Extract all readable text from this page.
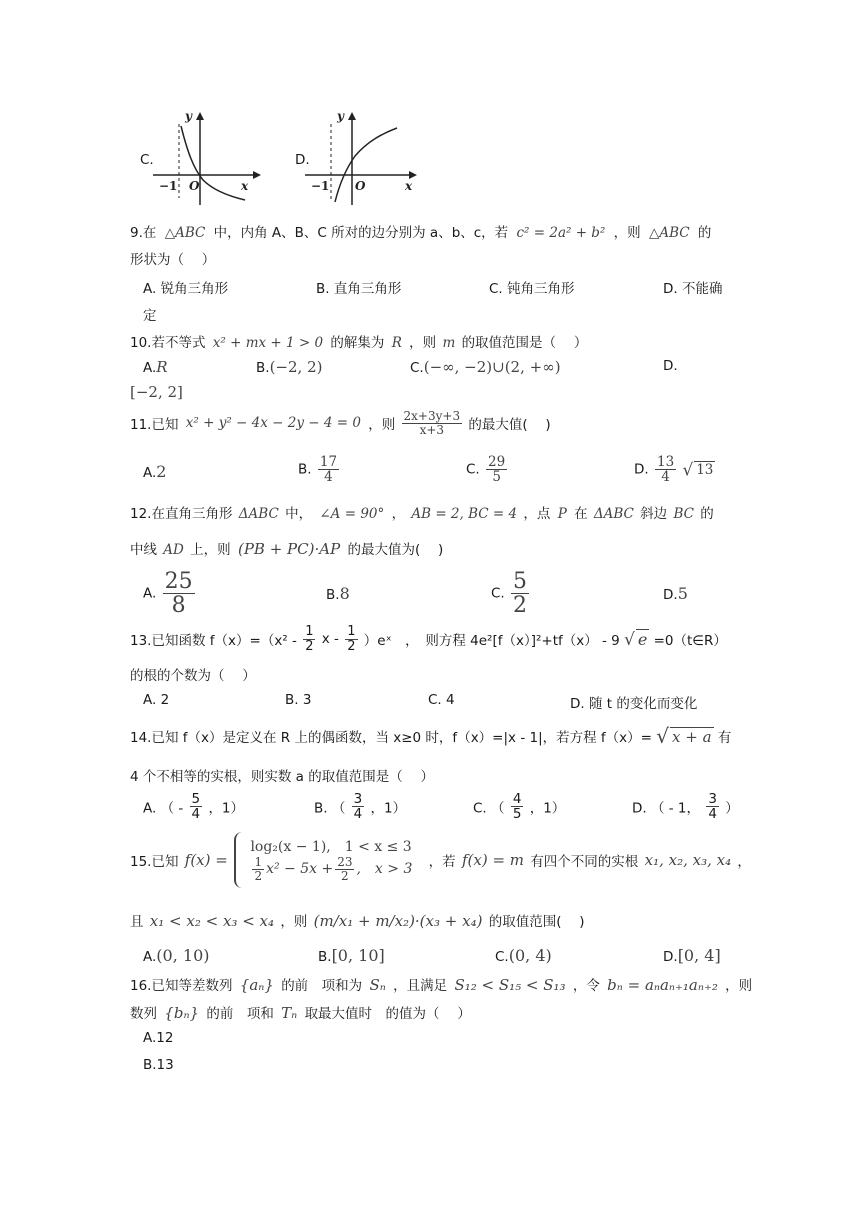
C.
y
x
O
−1
D.
y
x
O
−1
9.在 △ABC 中，内角 A、B、C 所对的边分别为 a、b、c，若 c² = 2a² + b² ，则 △ABC 的
形状为（　 ）
A. 锐角三角形	B. 直角三角形	C. 钝角三角形	D. 不能确
定
10.若不等式 x² + mx + 1 > 0 的解集为 R ，则 m 的取值范围是（　 ）
A.R	B.(−2, 2)	C.(−∞, −2)∪(2, +∞)	D.
[−2, 2]
11.已知 x² + y² − 4x − 2y − 4 = 0 ，则 $\frac{2x+3y+3}{x+3}$ 的最大值(　 )
A.2	B. $\frac{17}{4}$	C. $\frac{29}{5}$	D. $\frac{13}{4}$ √ 13
12.在直角三角形 ΔABC 中， ∠A = 90° ， AB = 2, BC = 4 ，点 P 在 ΔABC 斜边 BC 的
中线 AD 上，则 (PB + PC)·AP 的最大值为(　 )
A. $\frac{25}{8}$	B.8	C. $\frac{5}{2}$	D.5
13.已知函数 $f(x)=(x^2 - \frac{1}{2}$ x - $\frac{1}{2}$ ）eˣ　，　则方程 4e²[f（x）]²+tf（x） - 9 √ e =0（t∈R）
的根的个数为（　 ）
A. 2	B. 3	C. 4	D. 随 t 的变化而变化
14.已知 f（x）是定义在 R 上的偶函数，当 x≥0 时，f（x）=|x - 1|，若方程 f（x）= √ x + a 有
4 个不相等的实根，则实数 a 的取值范围是（　 ）
A. （ - $\frac{5}{4}$ ，1）	B. （ $\frac{3}{4}$ ，1）	C. （ $\frac{4}{5}$ ，1）	D. （ - 1， $\frac{3}{4}$ ）
15.已知 f(x) =
log₂(x − 1),　1 < x ≤ 3
$\frac{1}{2} x^2 - 5x + \frac{23}{2}$ ,　x > 3 ，若 f(x) = m 有四个不同的实根 x₁, x₂, x₃, x₄ ，
且 x₁ < x₂ < x₃ < x₄ ，则 (m/x₁ + m/x₂)·(x₃ + x₄) 的取值范围(　 )
A.(0, 10)	B.[0, 10]	C.(0, 4)	D.[0, 4]
16.已知等差数列 {aₙ} 的前　项和为 Sₙ ，且满足 S₁₂ < S₁₅ < S₁₃ ，令 bₙ = aₙaₙ₊₁aₙ₊₂ ，则
数列 {bₙ} 的前　项和 Tₙ 取最大值时　的值为（　 ）
A.12
B.13
